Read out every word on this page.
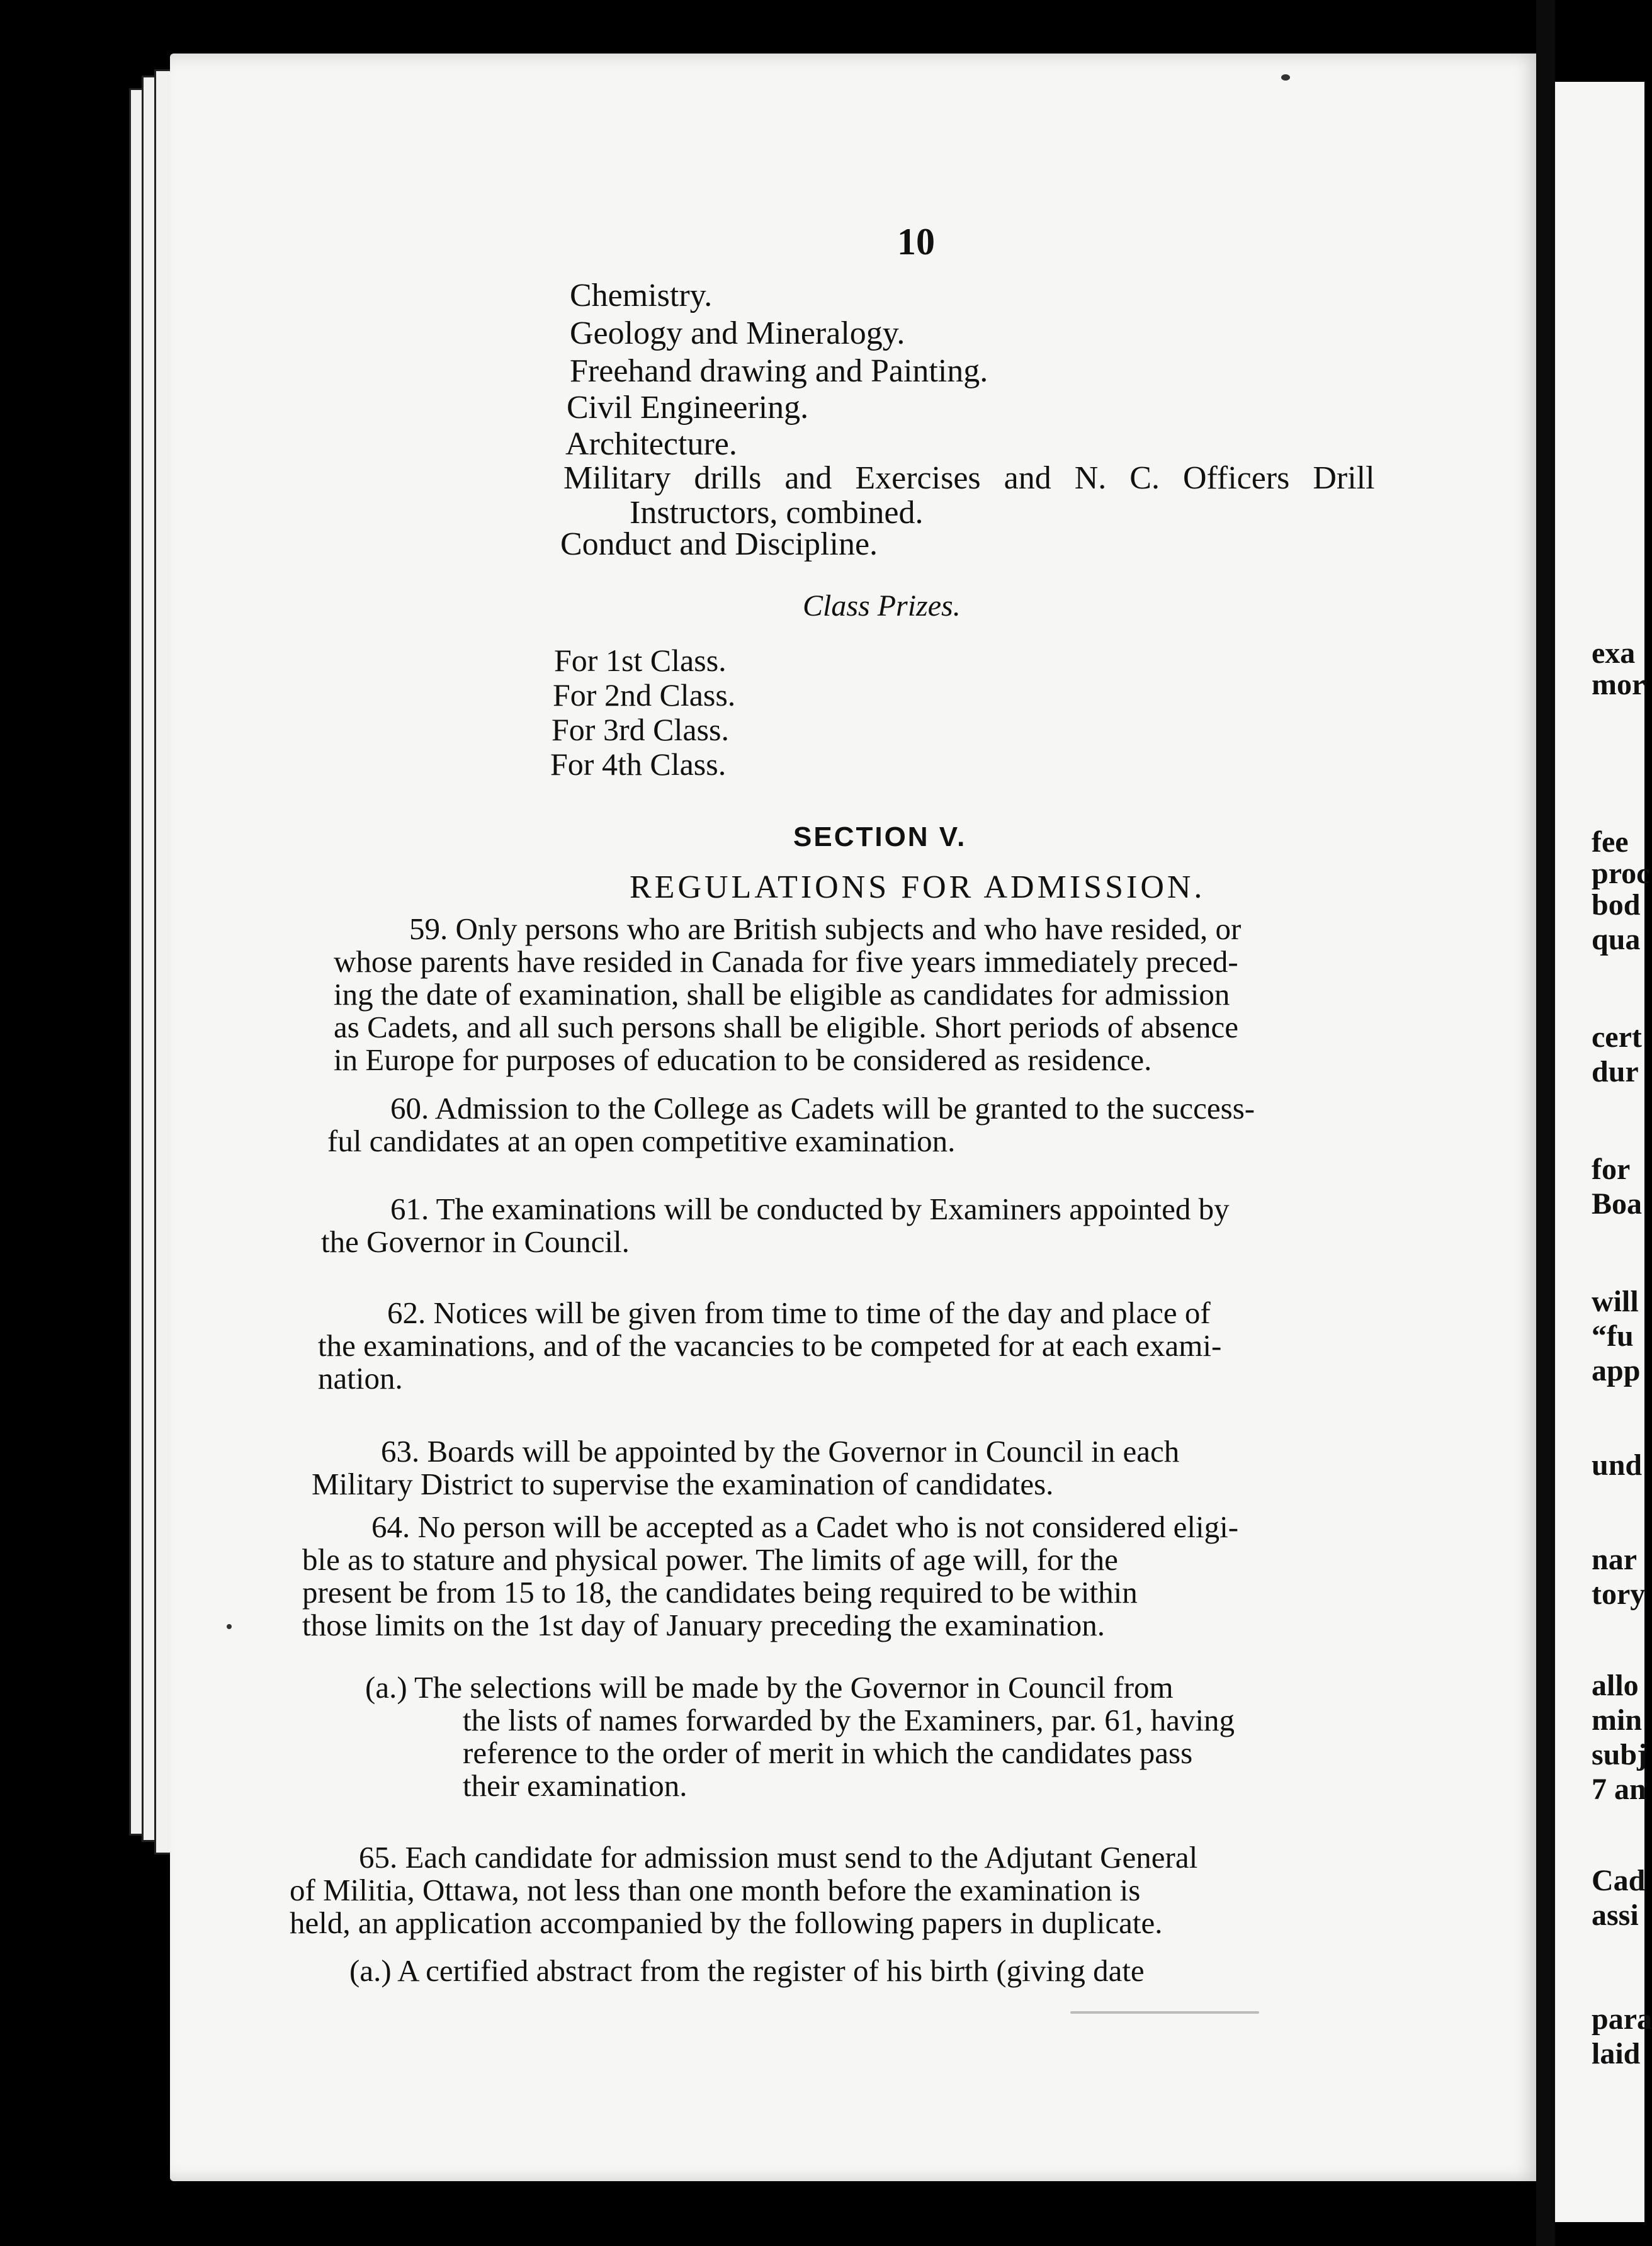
exa
mor
fee
proc
bod
qua
cert
dur
for
Boa
will
“fu
app
und
nar
tory
allo
min
subj
7 an
Cad
assi
para
laid
10
Chemistry.
Geology and Mineralogy.
Freehand drawing and Painting.
Civil Engineering.
Architecture.
Military drills and Exercises and N. C. Officers Drill
Instructors, combined.
Conduct and Discipline.
Class Prizes.
For 1st Class.
For 2nd Class.
For 3rd Class.
For 4th Class.
SECTION V.
REGULATIONS FOR ADMISSION.
59. Only persons who are British subjects and who have resided, or
whose parents have resided in Canada for five years immediately preced-
ing the date of examination, shall be eligible as candidates for admission
as Cadets, and all such persons shall be eligible. Short periods of absence
in Europe for purposes of education to be considered as residence.
60. Admission to the College as Cadets will be granted to the success-
ful candidates at an open competitive examination.
61. The examinations will be conducted by Examiners appointed by
the Governor in Council.
62. Notices will be given from time to time of the day and place of
the examinations, and of the vacancies to be competed for at each exami-
nation.
63. Boards will be appointed by the Governor in Council in each
Military District to supervise the examination of candidates.
64. No person will be accepted as a Cadet who is not considered eligi-
ble as to stature and physical power. The limits of age will, for the
present be from 15 to 18, the candidates being required to be within
those limits on the 1st day of January preceding the examination.
(a.) The selections will be made by the Governor in Council from
the lists of names forwarded by the Examiners, par. 61, having
reference to the order of merit in which the candidates pass
their examination.
65. Each candidate for admission must send to the Adjutant General
of Militia, Ottawa, not less than one month before the examination is
held, an application accompanied by the following papers in duplicate.
(a.) A certified abstract from the register of his birth (giving date
